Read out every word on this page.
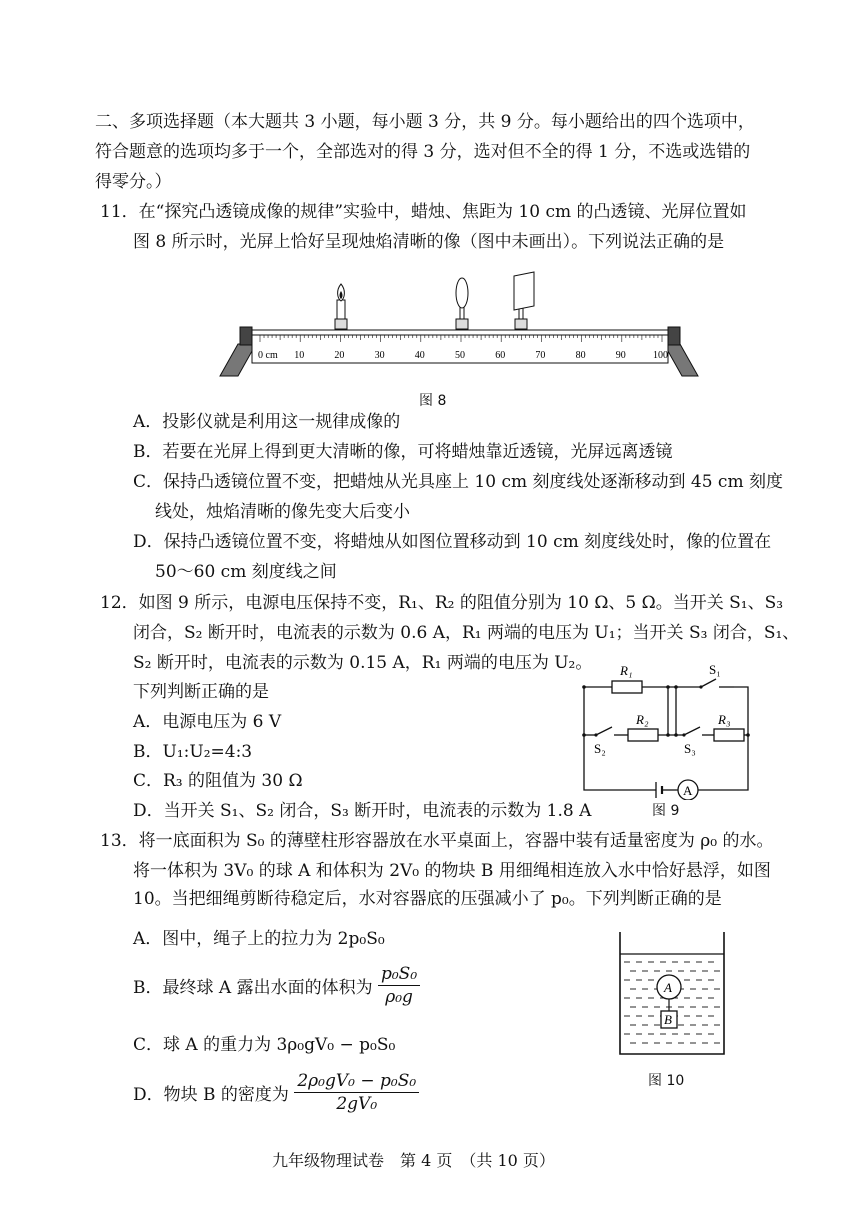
二、多项选择题（本大题共 3 小题，每小题 3 分，共 9 分。每小题给出的四个选项中，
符合题意的选项均多于一个，全部选对的得 3 分，选对但不全的得 1 分，不选或选错的
得零分。）
11．在“探究凸透镜成像的规律”实验中，蜡烛、焦距为 10 cm 的凸透镜、光屏位置如
图 8 所示时，光屏上恰好呈现烛焰清晰的像（图中未画出）。下列说法正确的是
0 cm 10	20	30	40	50	60	70	80	90	100
图 8
A．投影仪就是利用这一规律成像的
B．若要在光屏上得到更大清晰的像，可将蜡烛靠近透镜，光屏远离透镜
C．保持凸透镜位置不变，把蜡烛从光具座上 10 cm 刻度线处逐渐移动到 45 cm 刻度
线处，烛焰清晰的像先变大后变小
D．保持凸透镜位置不变，将蜡烛从如图位置移动到 10 cm 刻度线处时，像的位置在
50～60 cm 刻度线之间
12．如图 9 所示，电源电压保持不变，R₁、R₂ 的阻值分别为 10 Ω、5 Ω。当开关 S₁、S₃
闭合，S₂ 断开时，电流表的示数为 0.6 A，R₁ 两端的电压为 U₁；当开关 S₃ 闭合，S₁、
S₂ 断开时，电流表的示数为 0.15 A，R₁ 两端的电压为 U₂。
下列判断正确的是
A．电源电压为 6 V
B．U₁:U₂=4:3
C．R₃ 的阻值为 30 Ω
D．当开关 S₁、S₂ 闭合，S₃ 断开时，电流表的示数为 1.8 A
A
R₁	S₁
R₂	R₃
S₂	S₃
图 9
13．将一底面积为 S₀ 的薄壁柱形容器放在水平桌面上，容器中装有适量密度为 ρ₀ 的水。
将一体积为 3V₀ 的球 A 和体积为 2V₀ 的物块 B 用细绳相连放入水中恰好悬浮，如图
10。当把细绳剪断待稳定后，水对容器底的压强减小了 p₀。下列判断正确的是
A．图中，绳子上的拉力为 2p₀S₀
B．最终球 A 露出水面的体积为 $\frac{\text{p₀S₀}}{\text{ρ₀g}}$
C．球 A 的重力为 3ρ₀gV₀ − p₀S₀
D．物块 B 的密度为 $\frac{\text{2ρ₀gV₀ − p₀S₀}}{\text{2gV₀}}$
A
B
图 10
九年级物理试卷　第 4 页　（共 10 页）
